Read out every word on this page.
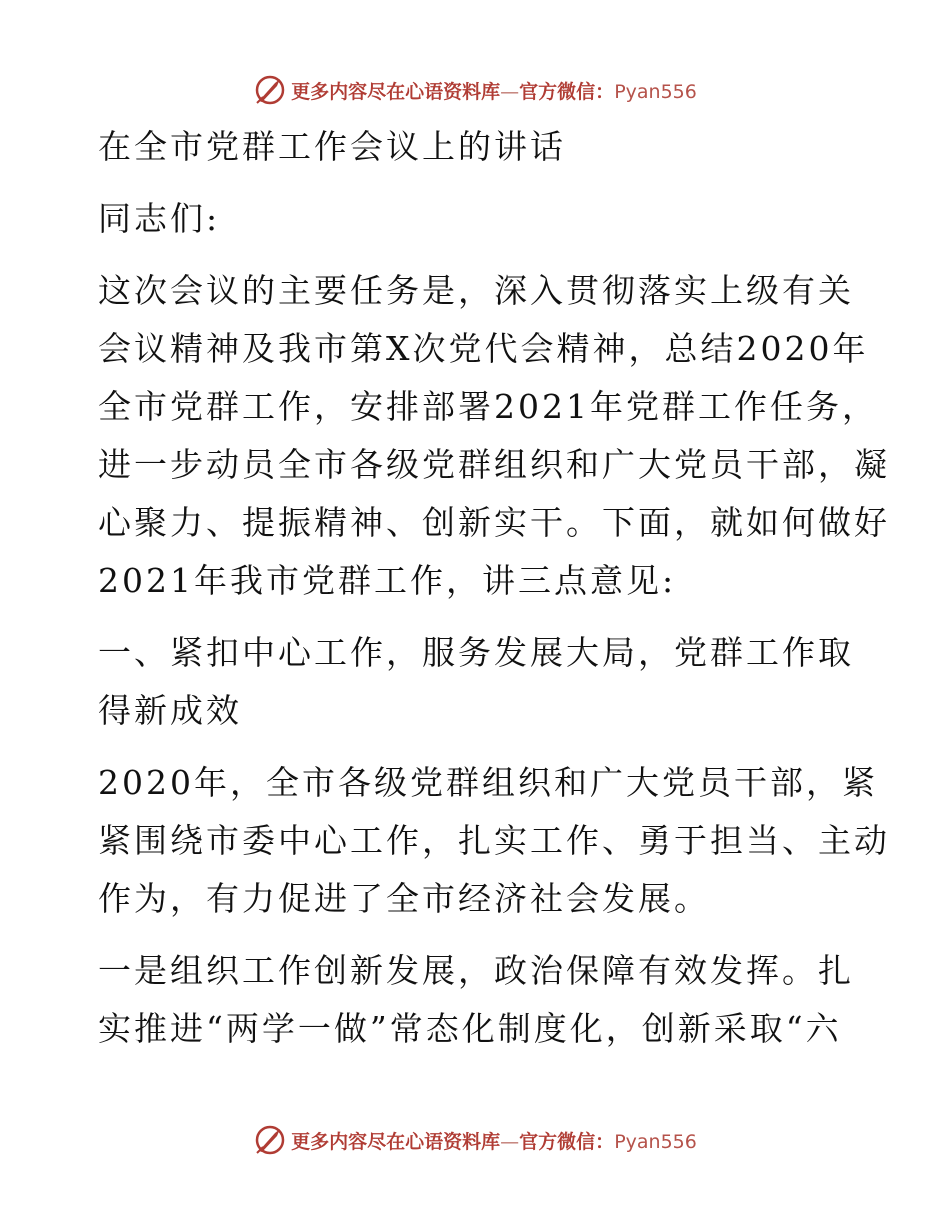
更多内容尽在心语资料库—官方微信：Pyan556
在全市党群工作会议上的讲话
同志们:
这次会议的主要任务是，深入贯彻落实上级有关
会议精神及我市第X次党代会精神，总结2020年
全市党群工作，安排部署2021年党群工作任务，
进一步动员全市各级党群组织和广大党员干部，凝
心聚力、提振精神、创新实干。下面，就如何做好
2021年我市党群工作，讲三点意见:
一、紧扣中心工作，服务发展大局，党群工作取
得新成效
2020年，全市各级党群组织和广大党员干部，紧
紧围绕市委中心工作，扎实工作、勇于担当、主动
作为，有力促进了全市经济社会发展。
一是组织工作创新发展，政治保障有效发挥。扎
实推进“两学一做”常态化制度化，创新采取“六
更多内容尽在心语资料库—官方微信：Pyan556
